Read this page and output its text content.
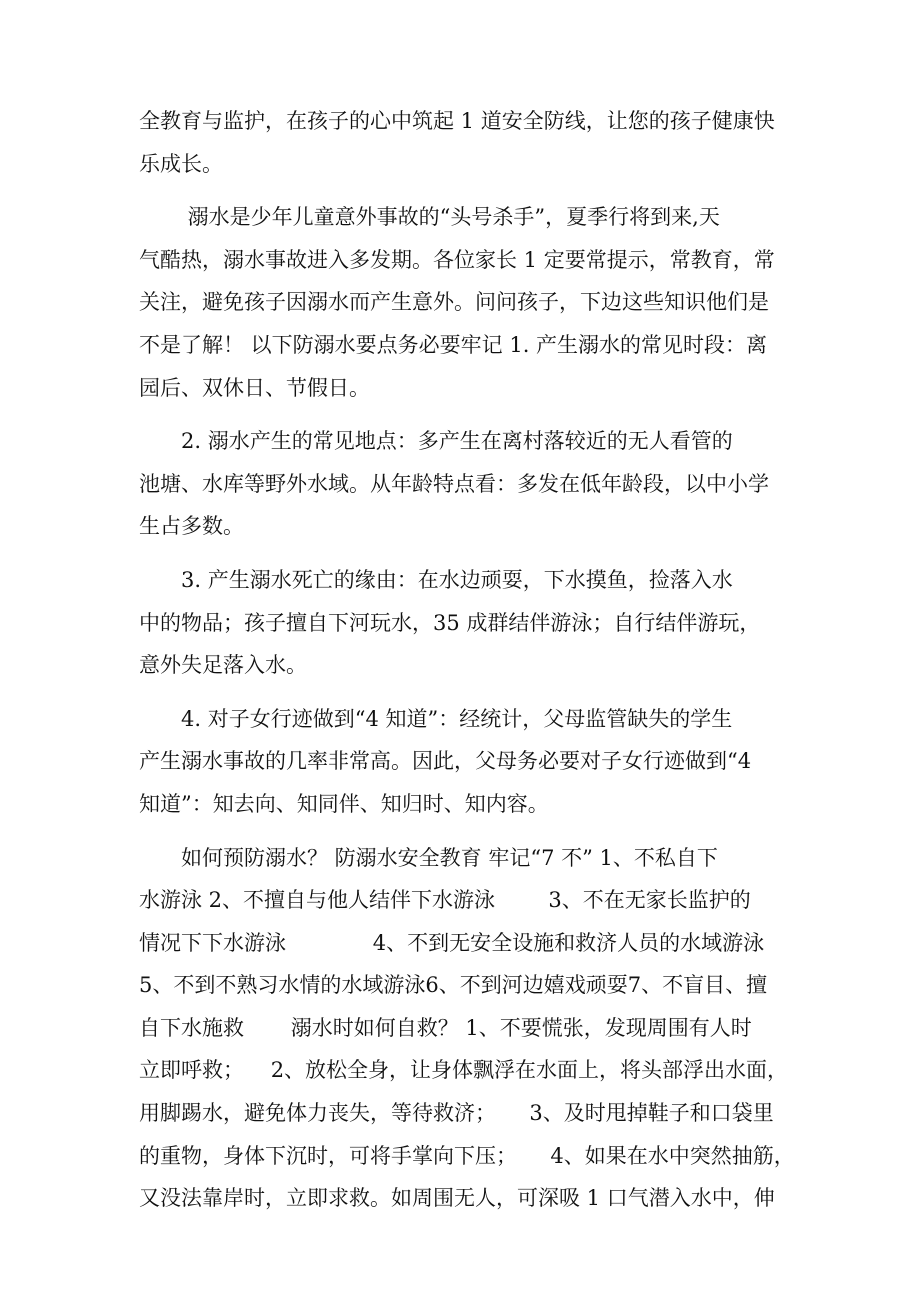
全教育与监护，在孩子的心中筑起 1 道安全防线，让您的孩子健康快
乐成长。
溺水是少年儿童意外事故的“头号杀手”，夏季行将到来,天
气酷热，溺水事故进入多发期。各位家长 1 定要常提示，常教育，常
关注，避免孩子因溺水而产生意外。问问孩子，下边这些知识他们是
不是了解！ 以下防溺水要点务必要牢记 1. 产生溺水的常见时段：离
园后、双休日、节假日。
2. 溺水产生的常见地点：多产生在离村落较近的无人看管的
池塘、水库等野外水域。从年龄特点看：多发在低年龄段，以中小学
生占多数。
3. 产生溺水死亡的缘由：在水边顽耍，下水摸鱼，捡落入水
中的物品；孩子擅自下河玩水，35 成群结伴游泳；自行结伴游玩，
意外失足落入水。
4. 对子女行迹做到“4 知道”：经统计，父母监管缺失的学生
产生溺水事故的几率非常高。因此，父母务必要对子女行迹做到“4
知道”：知去向、知同伴、知归时、知内容。
如何预防溺水？ 防溺水安全教育 牢记“7 不” 1、不私自下
水游泳 2、不擅自与他人结伴下水游泳        3、不在无家长监护的
情况下下水游泳             4、不到无安全设施和救济人员的水域游泳
5、不到不熟习水情的水域游泳6、不到河边嬉戏顽耍7、不盲目、擅
自下水施救       溺水时如何自救？ 1、不要慌张，发现周围有人时
立即呼救；    2、放松全身，让身体飘浮在水面上，将头部浮出水面，
用脚踢水，避免体力丧失，等待救济；     3、及时甩掉鞋子和口袋里
的重物，身体下沉时，可将手掌向下压；     4、如果在水中突然抽筋，
又没法靠岸时，立即求救。如周围无人，可深吸 1 口气潜入水中，伸
